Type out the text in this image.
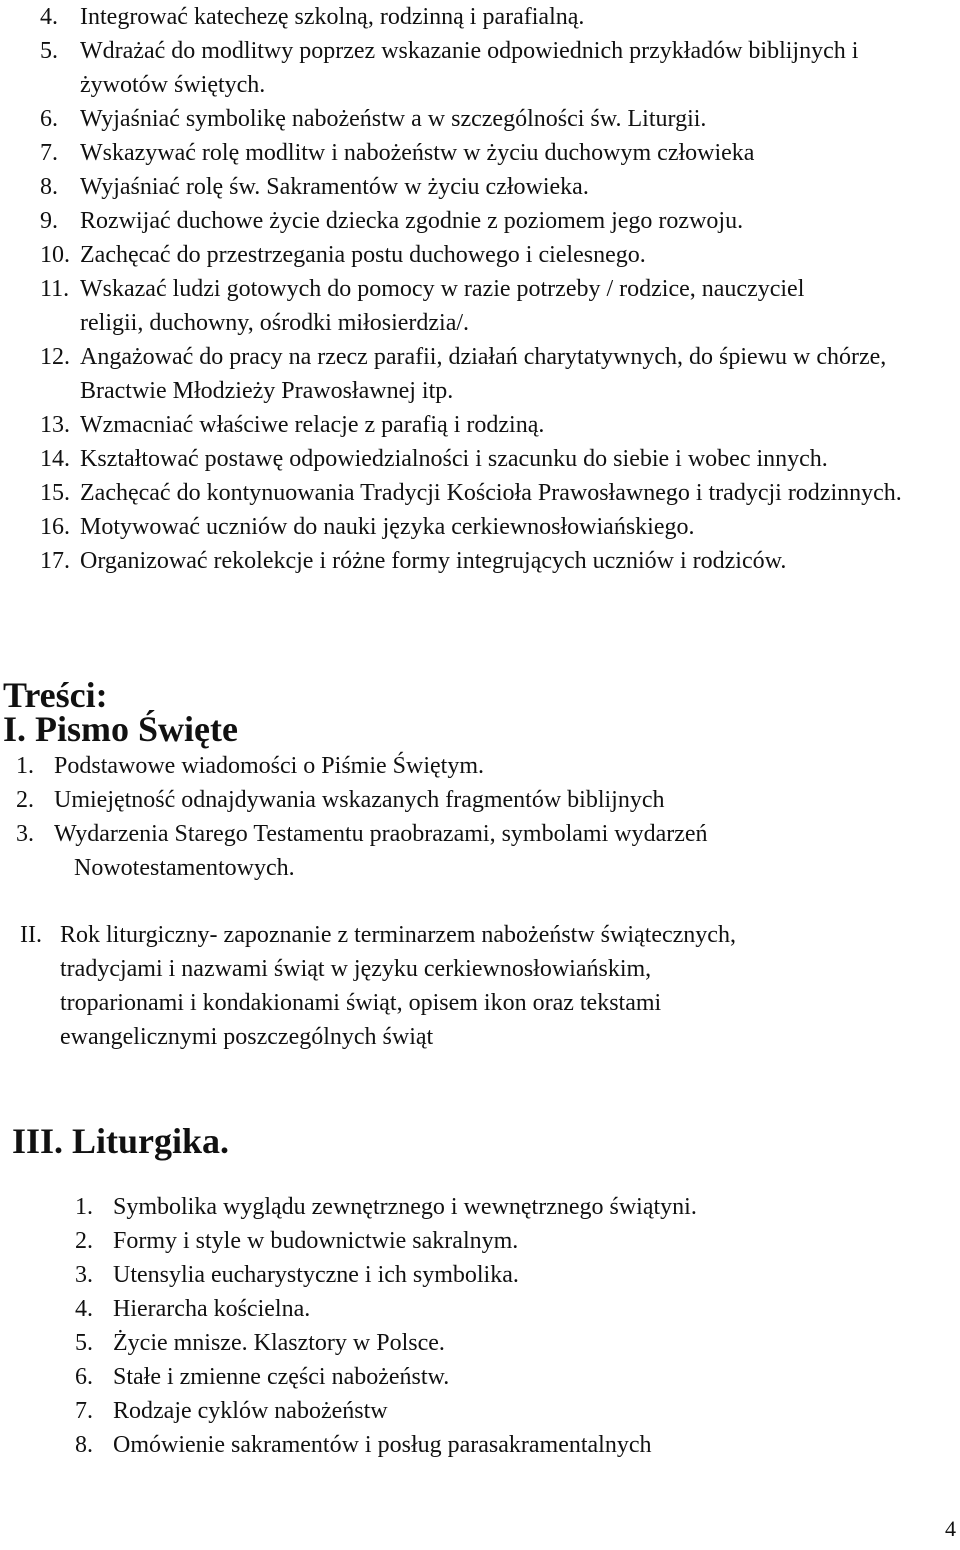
4. Integrować katechezę szkolną, rodzinną i parafialną.
5. Wdrażać do modlitwy poprzez wskazanie odpowiednich przykładów biblijnych i żywotów świętych.
6. Wyjaśniać symbolikę nabożeństw a w szczególności św. Liturgii.
7. Wskazywać rolę modlitw i nabożeństw w życiu duchowym człowieka
8. Wyjaśniać rolę św. Sakramentów w życiu człowieka.
9. Rozwijać duchowe życie dziecka zgodnie z poziomem jego rozwoju.
10. Zachęcać do przestrzegania postu duchowego i cielesnego.
11. Wskazać ludzi gotowych do pomocy w razie potrzeby / rodzice, nauczyciel religii, duchowny, ośrodki miłosierdzia/.
12. Angażować do pracy na rzecz parafii, działań charytatywnych, do śpiewu w chórze, Bractwie Młodzieży Prawosławnej itp.
13. Wzmacniać właściwe relacje z parafią i rodziną.
14. Kształtować postawę odpowiedzialności i szacunku do siebie i wobec innych.
15. Zachęcać do kontynuowania Tradycji Kościoła Prawosławnego i tradycji rodzinnych.
16. Motywować uczniów do nauki języka cerkiewnosłowiańskiego.
17. Organizować rekolekcje i różne formy integrujących uczniów i rodziców.
Treści:
I. Pismo Święte
1. Podstawowe wiadomości o Piśmie Świętym.
2. Umiejętność odnajdywania wskazanych fragmentów biblijnych
3. Wydarzenia Starego Testamentu praobrazami, symbolami wydarzeń Nowotestamentowych.
II. Rok liturgiczny- zapoznanie z terminarzem nabożeństw świątecznych, tradycjami i nazwami świąt w języku cerkiewnosłowiańskim, troparionami i kondakionami świąt, opisem ikon oraz tekstami ewangelicznymi poszczególnych świąt
III. Liturgika.
1. Symbolika wyglądu zewnętrznego i wewnętrznego świątyni.
2. Formy i style w budownictwie sakralnym.
3. Utensylia eucharystyczne i ich symbolika.
4. Hierarcha kościelna.
5. Życie mnisze. Klasztory w Polsce.
6. Stałe i zmienne części nabożeństw.
7. Rodzaje cyklów nabożeństw
8. Omówienie sakramentów i posług parasakramentalnych
4
